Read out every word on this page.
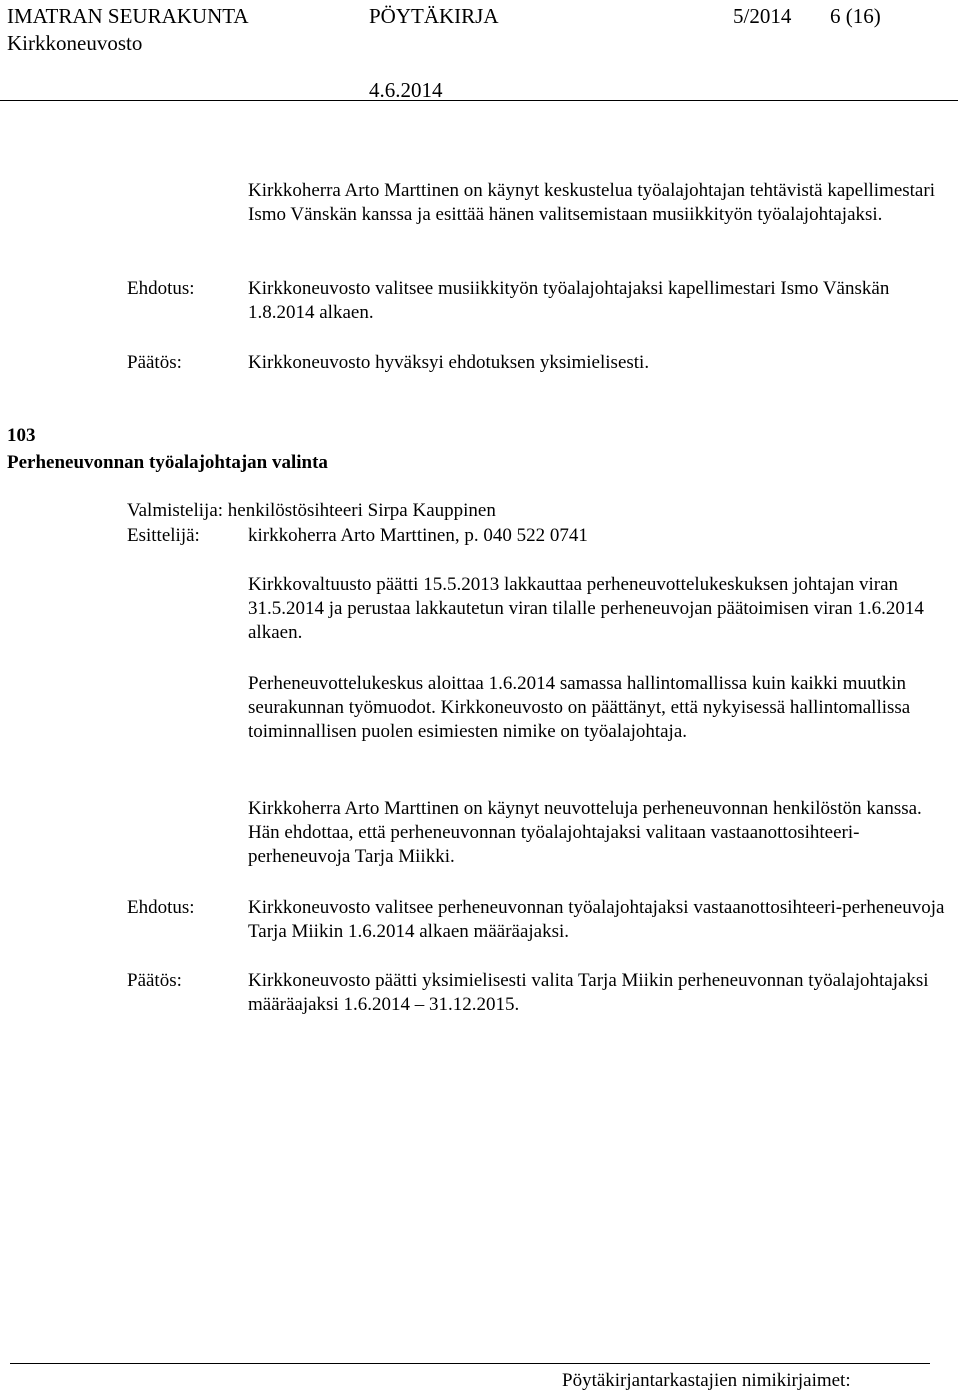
IMATRAN SEURAKUNTA	PÖYTÄKIRJA	5/2014 6 (16)
Kirkkoneuvosto
4.6.2014
Kirkkoherra Arto Marttinen on käynyt keskustelua työalajohtajan tehtävistä kapellimestari Ismo Vänskän kanssa ja esittää hänen valitsemistaan musiikkityön työalajohtajaksi.
Ehdotus:	Kirkkoneuvosto valitsee musiikkityön työalajohtajaksi kapellimestari Ismo Vänskän 1.8.2014 alkaen.
Päätös:	Kirkkoneuvosto hyväksyi ehdotuksen yksimielisesti.
103
Perheneuvonnan työalajohtajan valinta
Valmistelija: henkilöstösihteeri Sirpa Kauppinen
Esittelijä:	kirkkoherra Arto Marttinen, p. 040 522 0741
Kirkkovaltuusto päätti 15.5.2013 lakkauttaa perheneuvottelukeskuksen johtajan viran 31.5.2014 ja perustaa lakkautetun viran tilalle perheneuvojan päätoimisen viran 1.6.2014 alkaen.
Perheneuvottelukeskus aloittaa 1.6.2014 samassa hallintomallissa kuin kaikki muutkin seurakunnan työmuodot. Kirkkoneuvosto on päättänyt, että nykyisessä hallintomallissa toiminnallisen puolen esimiesten nimike on työalajohtaja.
Kirkkoherra Arto Marttinen on käynyt neuvotteluja perheneuvonnan henkilöstön kanssa. Hän ehdottaa, että perheneuvonnan työalajohtajaksi valitaan vastaanottosihteeri-perheneuvoja Tarja Miikki.
Ehdotus:	Kirkkoneuvosto valitsee perheneuvonnan työalajohtajaksi vastaanottosihteeri-perheneuvoja Tarja Miikin 1.6.2014 alkaen määräajaksi.
Päätös:	Kirkkoneuvosto päätti yksimielisesti valita Tarja Miikin perheneuvonnan työalajohtajaksi määräajaksi 1.6.2014 – 31.12.2015.
Pöytäkirjantarkastajien nimikirjaimet:
